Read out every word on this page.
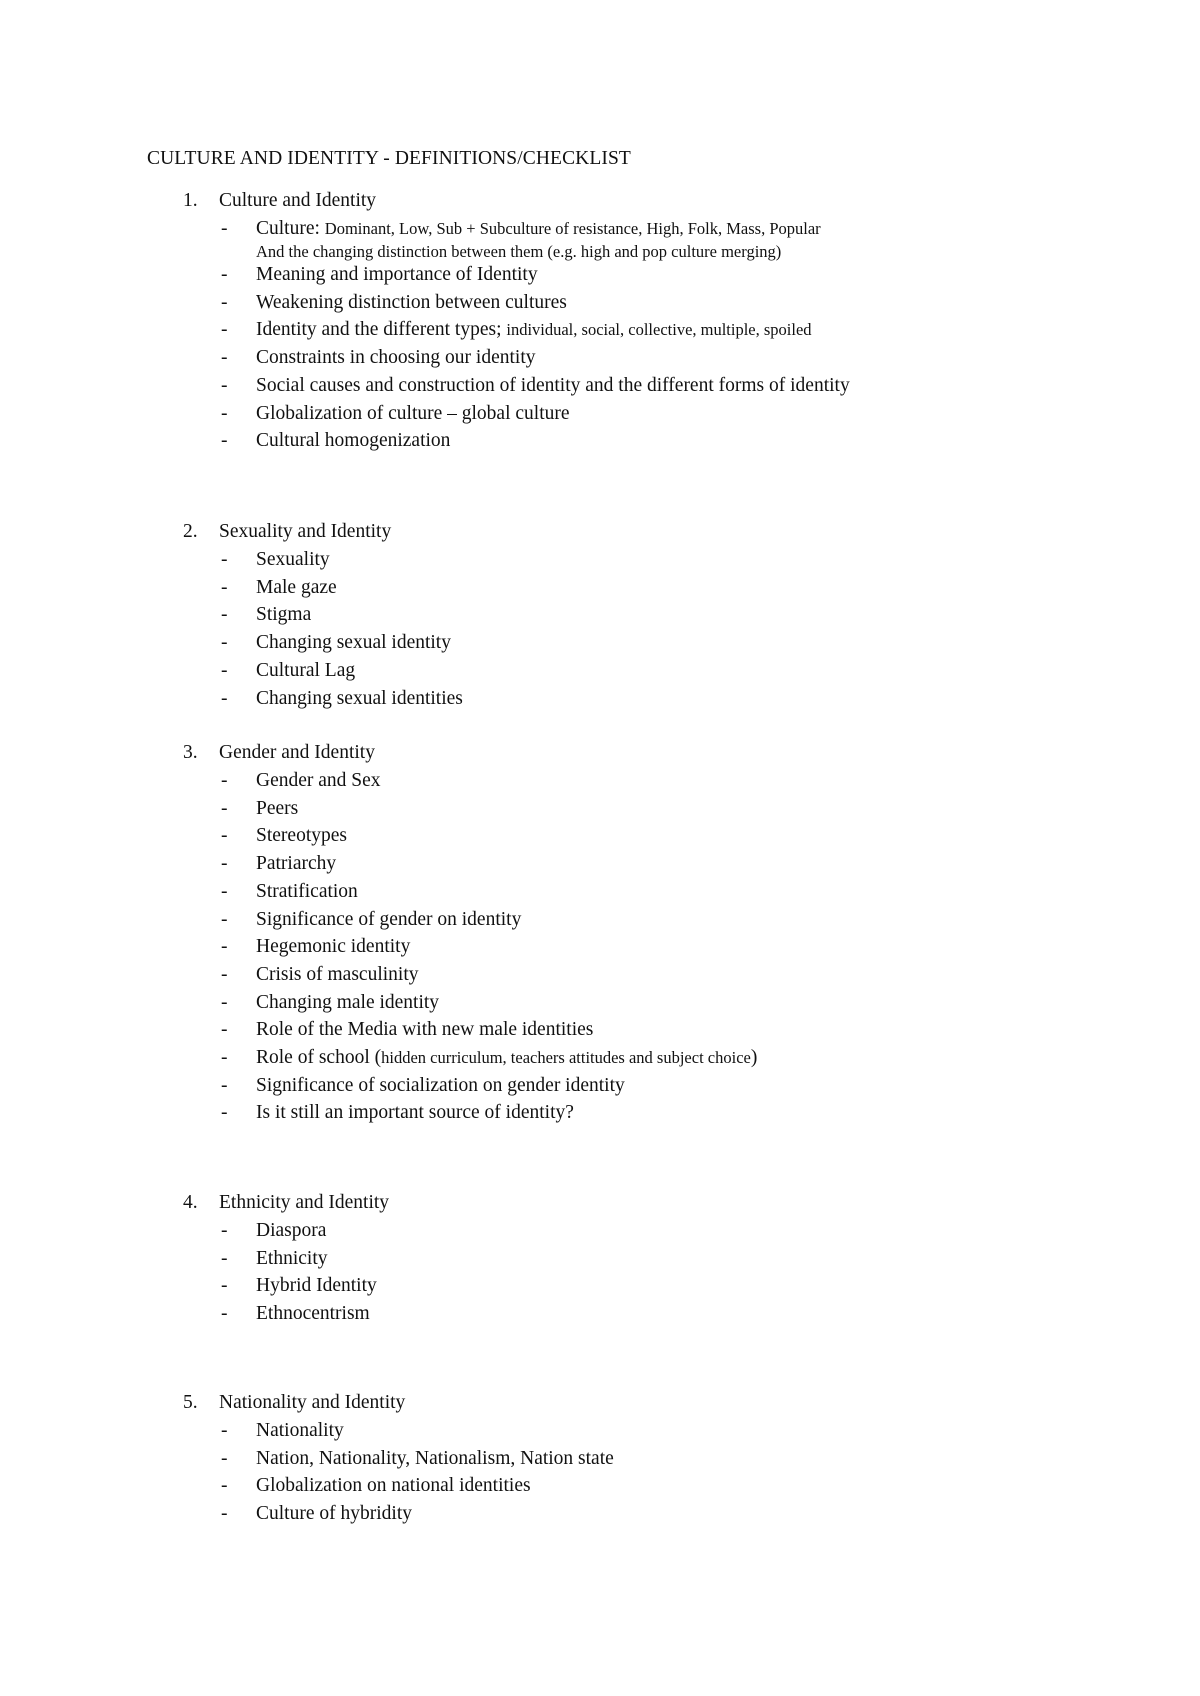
CULTURE AND IDENTITY - DEFINITIONS/CHECKLIST
1. Culture and Identity
- Culture: Dominant, Low, Sub + Subculture of resistance, High, Folk, Mass, Popular
And the changing distinction between them (e.g. high and pop culture merging)
- Meaning and importance of Identity
- Weakening distinction between cultures
- Identity and the different types; individual, social, collective, multiple, spoiled
- Constraints in choosing our identity
- Social causes and construction of identity and the different forms of identity
- Globalization of culture – global culture
- Cultural homogenization
2. Sexuality and Identity
- Sexuality
- Male gaze
- Stigma
- Changing sexual identity
- Cultural Lag
- Changing sexual identities
3. Gender and Identity
- Gender and Sex
- Peers
- Stereotypes
- Patriarchy
- Stratification
- Significance of gender on identity
- Hegemonic identity
- Crisis of masculinity
- Changing male identity
- Role of the Media with new male identities
- Role of school (hidden curriculum, teachers attitudes and subject choice)
- Significance of socialization on gender identity
- Is it still an important source of identity?
4. Ethnicity and Identity
- Diaspora
- Ethnicity
- Hybrid Identity
- Ethnocentrism
5. Nationality and Identity
- Nationality
- Nation, Nationality, Nationalism, Nation state
- Globalization on national identities
- Culture of hybridity
